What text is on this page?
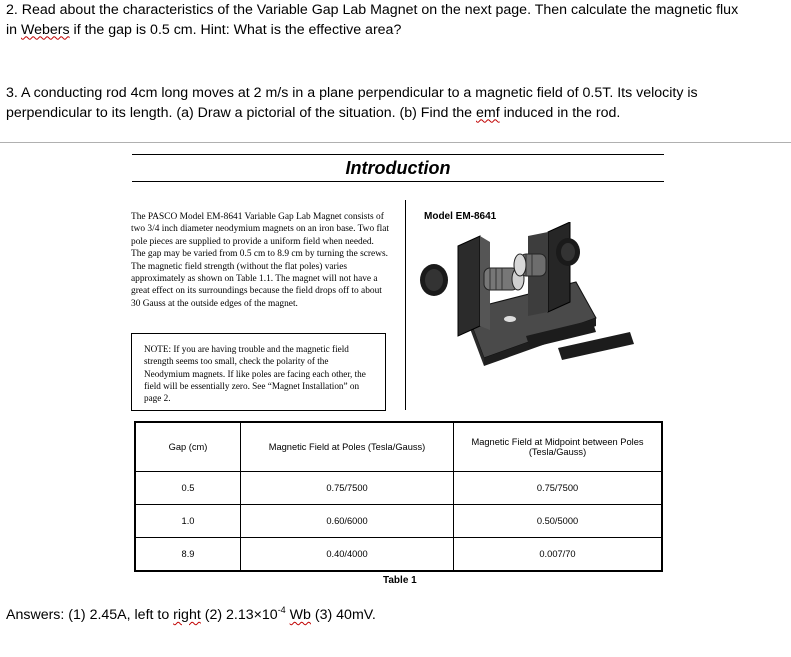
2. Read about the characteristics of the Variable Gap Lab Magnet on the next page. Then calculate the magnetic flux
in Webers if the gap is 0.5 cm. Hint: What is the effective area?
3. A conducting rod 4cm long moves at 2 m/s in a plane perpendicular to a magnetic field of 0.5T. Its velocity is
perpendicular to its length. (a) Draw a pictorial of the situation. (b) Find the emf induced in the rod.
Introduction
The PASCO Model EM-8641 Variable Gap Lab Magnet consists of two 3/4 inch diameter neodymium magnets on an iron base. Two flat pole pieces are supplied to provide a uniform field when needed. The gap may be varied from 0.5 cm to 8.9 cm by turning the screws. The magnetic field strength (without the flat poles) varies approximately as shown on Table 1.1. The magnet will not have a great effect on its surroundings because the field drops off to about 30 Gauss at the outside edges of the magnet.
NOTE: If you are having trouble and the magnetic field strength seems too small, check the polarity of the Neodymium magnets. If like poles are facing each other, the field will be essentially zero. See “Magnet Installation” on page 2.
Model EM-8641
Gap (cm)	Magnetic Field at Poles (Tesla/Gauss)	Magnetic Field at Midpoint between Poles (Tesla/Gauss)
0.5	0.75/7500	0.75/7500
1.0	0.60/6000	0.50/5000
8.9	0.40/4000	0.007/70
Table 1
Answers: (1) 2.45A, left to right (2) $2.13\times 10^{-4}$ Wb (3) 40mV.
